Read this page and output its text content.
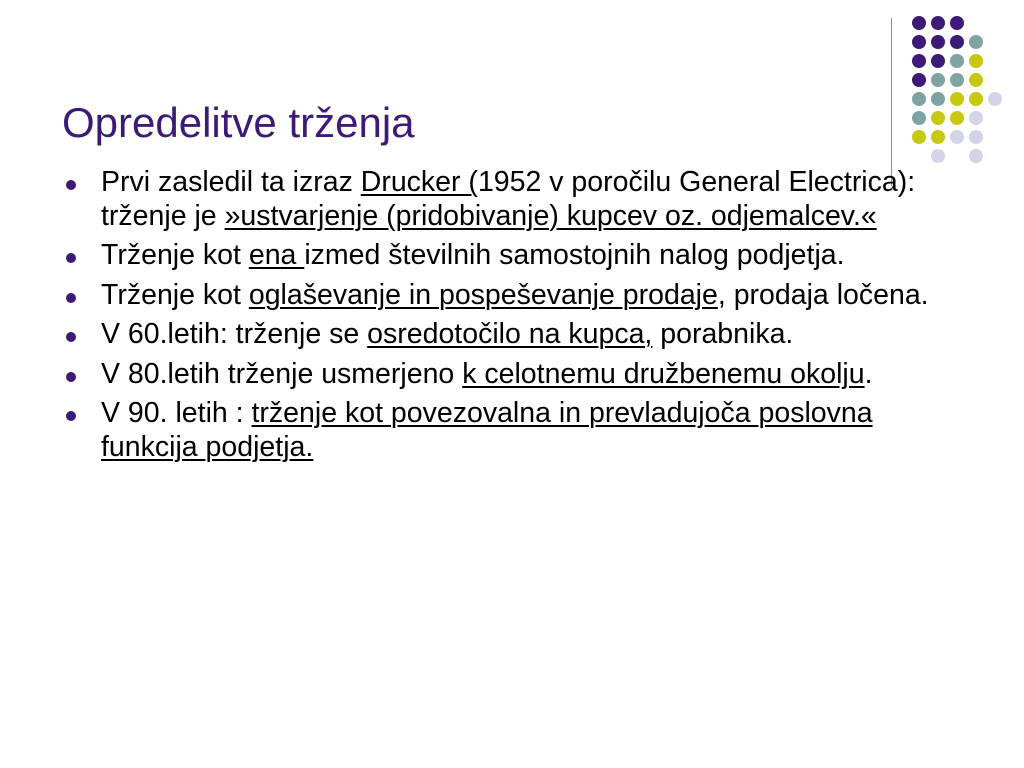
Opredelitve trženja
Prvi zasledil ta izraz Drucker (1952 v poročilu General Electrica): trženje je »ustvarjenje (pridobivanje) kupcev oz. odjemalcev.«
Trženje kot ena izmed številnih samostojnih nalog podjetja.
Trženje kot oglaševanje in pospeševanje prodaje, prodaja ločena.
V 60.letih: trženje se osredotočilo na kupca, porabnika.
V 80.letih trženje usmerjeno k celotnemu družbenemu okolju.
V 90. letih : trženje kot povezovalna in prevladujoča poslovna funkcija podjetja.
